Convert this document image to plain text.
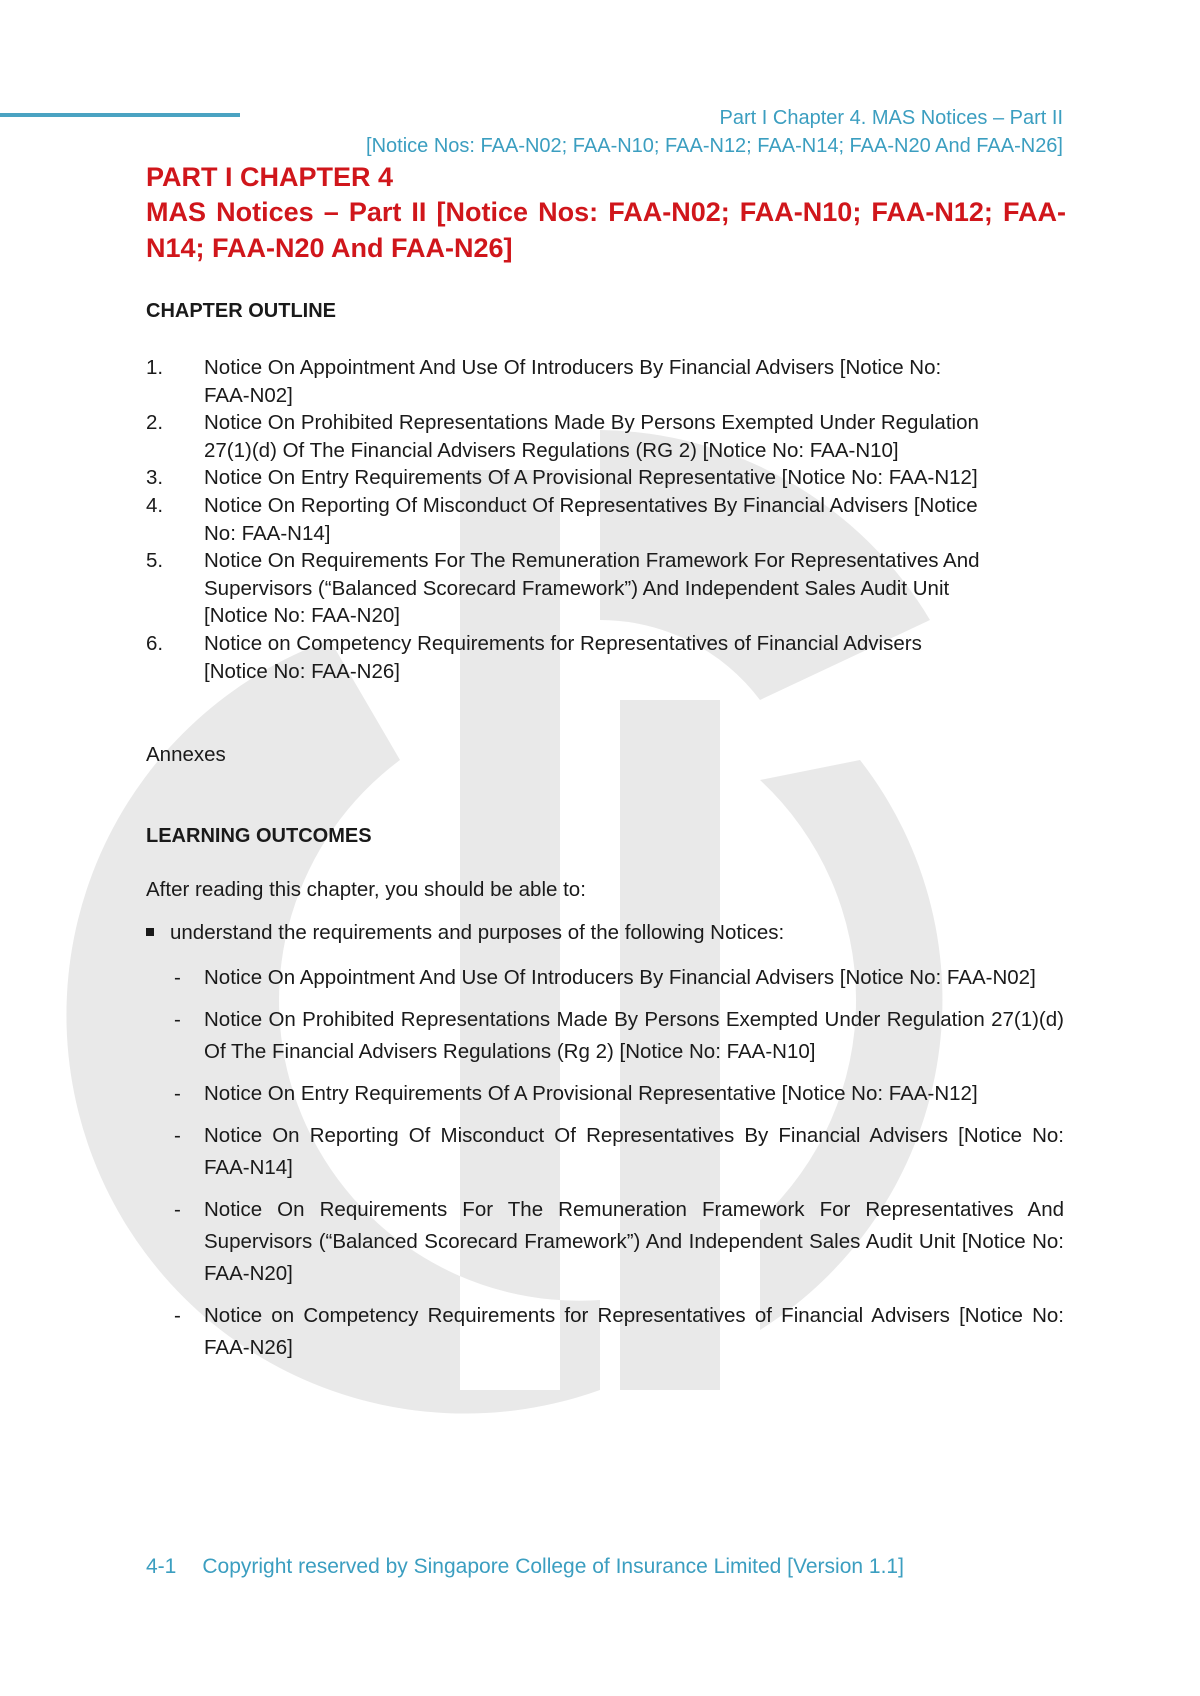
Part I Chapter 4. MAS Notices – Part II
[Notice Nos: FAA-N02; FAA-N10; FAA-N12; FAA-N14; FAA-N20 And FAA-N26]
PART I CHAPTER 4
MAS Notices – Part II [Notice Nos: FAA-N02; FAA-N10; FAA-N12; FAA-N14; FAA-N20 And FAA-N26]
CHAPTER OUTLINE
1. Notice On Appointment And Use Of Introducers By Financial Advisers [Notice No: FAA-N02]
2. Notice On Prohibited Representations Made By Persons Exempted Under Regulation 27(1)(d) Of The Financial Advisers Regulations (RG 2) [Notice No: FAA-N10]
3. Notice On Entry Requirements Of A Provisional Representative [Notice No: FAA-N12]
4. Notice On Reporting Of Misconduct Of Representatives By Financial Advisers [Notice No: FAA-N14]
5. Notice On Requirements For The Remuneration Framework For Representatives And Supervisors (“Balanced Scorecard Framework”) And Independent Sales Audit Unit [Notice No: FAA-N20]
6. Notice on Competency Requirements for Representatives of Financial Advisers [Notice No: FAA-N26]
Annexes
LEARNING OUTCOMES
After reading this chapter, you should be able to:
understand the requirements and purposes of the following Notices:
- Notice On Appointment And Use Of Introducers By Financial Advisers [Notice No: FAA-N02]
- Notice On Prohibited Representations Made By Persons Exempted Under Regulation 27(1)(d) Of The Financial Advisers Regulations (Rg 2) [Notice No: FAA-N10]
- Notice On Entry Requirements Of A Provisional Representative [Notice No: FAA-N12]
- Notice On Reporting Of Misconduct Of Representatives By Financial Advisers [Notice No: FAA-N14]
- Notice On Requirements For The Remuneration Framework For Representatives And Supervisors (“Balanced Scorecard Framework”) And Independent Sales Audit Unit [Notice No: FAA-N20]
- Notice on Competency Requirements for Representatives of Financial Advisers [Notice No: FAA-N26]
4-1 Copyright reserved by Singapore College of Insurance Limited [Version 1.1]
